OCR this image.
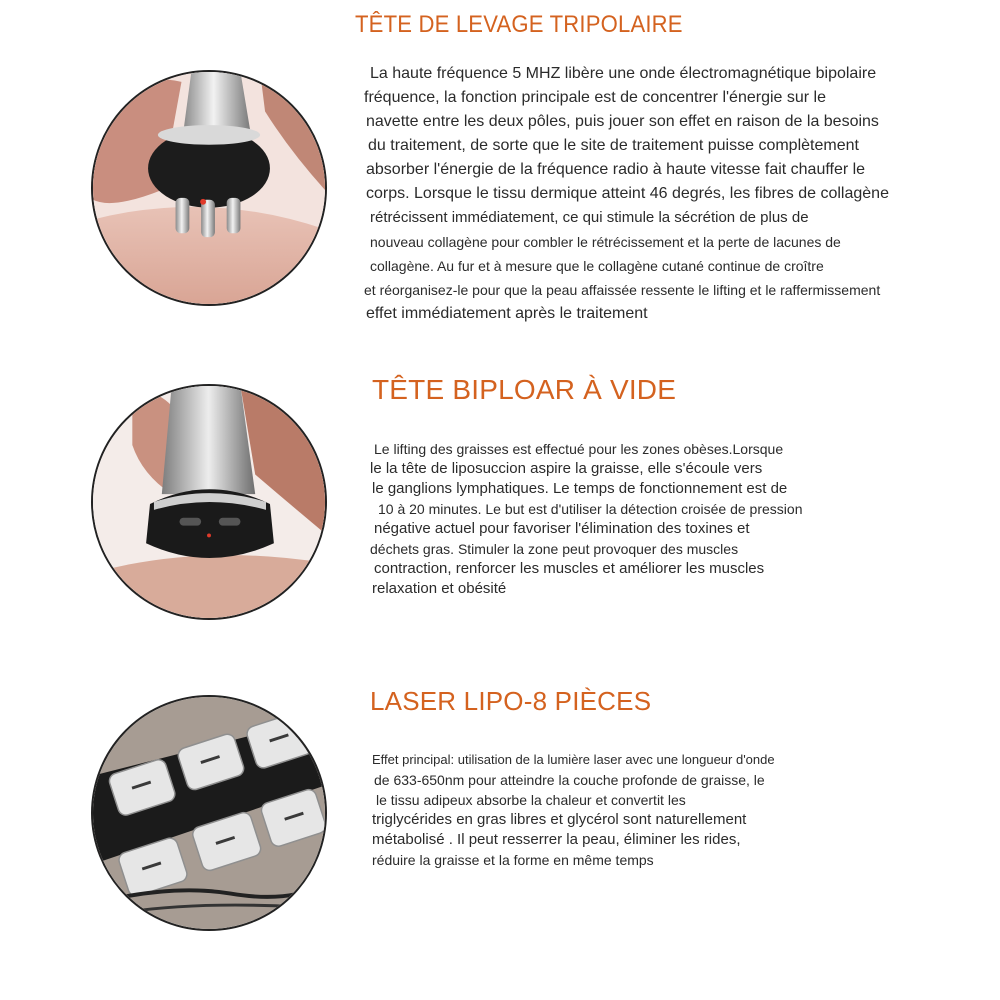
TÊTE DE LEVAGE TRIPOLAIRE
La haute fréquence 5 MHZ libère une onde électromagnétique bipolaire
fréquence, la fonction principale est de concentrer l'énergie sur le
navette entre les deux pôles, puis jouer son effet en raison de la besoins
du traitement, de sorte que le site de traitement puisse complètement
absorber l'énergie de la fréquence radio à haute vitesse fait chauffer le
corps. Lorsque le tissu dermique atteint 46 degrés, les fibres de collagène
rétrécissent immédiatement, ce qui stimule la sécrétion de plus de
nouveau collagène pour combler le rétrécissement et la perte de lacunes de
collagène. Au fur et à mesure que le collagène cutané continue de croître
et réorganisez-le pour que la peau affaissée ressente le lifting et le raffermissement
effet immédiatement après le traitement
TÊTE BIPLOAR À VIDE
Le lifting des graisses est effectué pour les zones obèses.Lorsque
le la tête de liposuccion aspire la graisse, elle s'écoule vers
le ganglions lymphatiques. Le temps de fonctionnement est de
10 à 20 minutes. Le but est d'utiliser la détection croisée de pression
négative actuel pour favoriser l'élimination des toxines et
déchets gras. Stimuler la zone peut provoquer des muscles
contraction, renforcer les muscles et améliorer les muscles
relaxation et obésité
LASER LIPO-8 PIÈCES
Effet principal: utilisation de la lumière laser avec une longueur d'onde
de 633-650nm pour atteindre la couche profonde de graisse, le
le tissu adipeux absorbe la chaleur et convertit les
triglycérides en gras libres et glycérol sont naturellement
métabolisé . Il peut resserrer la peau, éliminer les rides,
réduire la graisse et la forme en même temps
